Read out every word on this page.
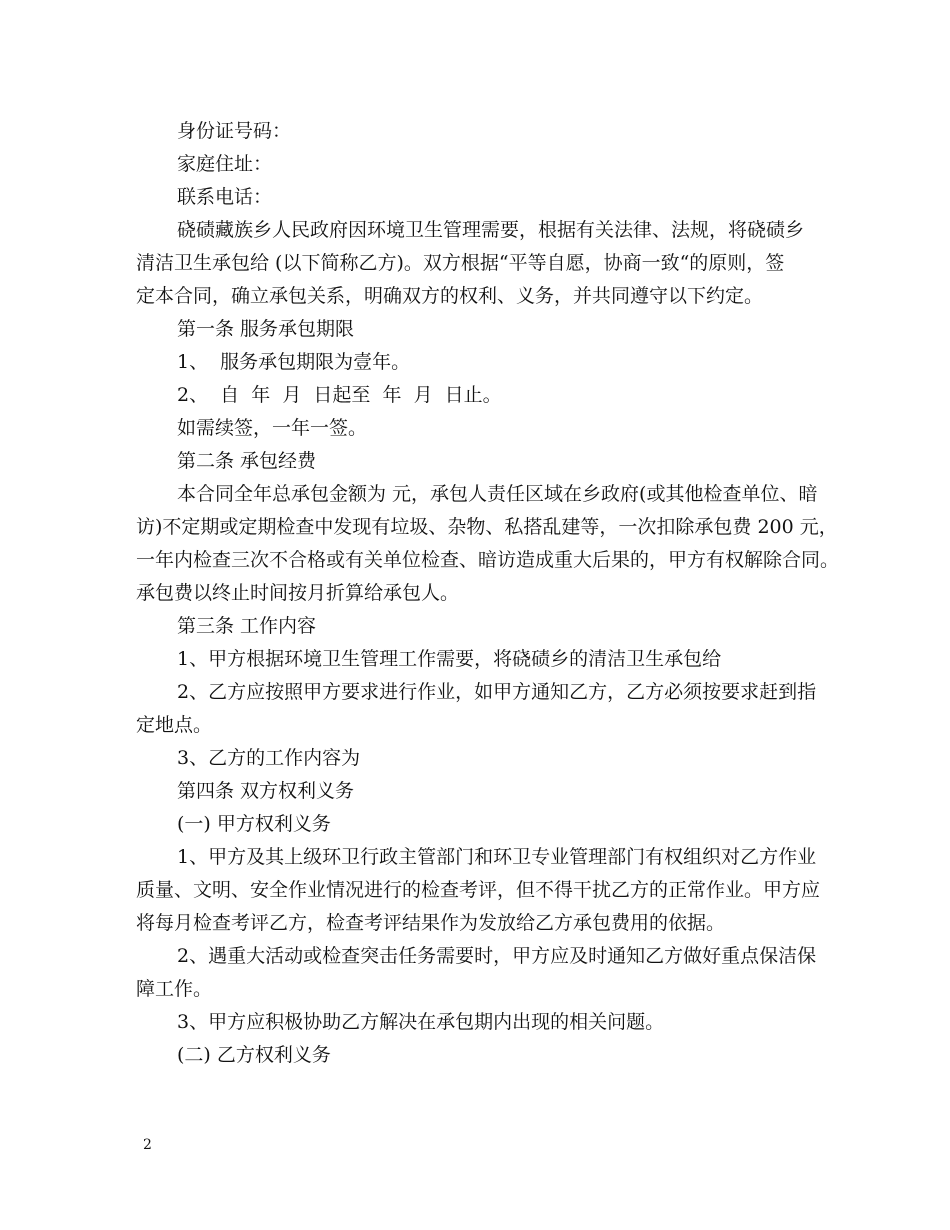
身份证号码：
家庭住址：
联系电话：
硗碛藏族乡人民政府因环境卫生管理需要，根据有关法律、法规，将硗碛乡
清洁卫生承包给 (以下简称乙方)。双方根据“平等自愿，协商一致“的原则，签
定本合同，确立承包关系，明确双方的权利、义务，并共同遵守以下约定。
第一条 服务承包期限
1、  服务承包期限为壹年。
2、  自  年  月  日起至  年  月  日止。
如需续签，一年一签。
第二条 承包经费
本合同全年总承包金额为 元，承包人责任区域在乡政府(或其他检查单位、暗
访)不定期或定期检查中发现有垃圾、杂物、私搭乱建等，一次扣除承包费 200 元，
一年内检查三次不合格或有关单位检查、暗访造成重大后果的，甲方有权解除合同。
承包费以终止时间按月折算给承包人。
第三条 工作内容
1、甲方根据环境卫生管理工作需要，将硗碛乡的清洁卫生承包给
2、乙方应按照甲方要求进行作业，如甲方通知乙方，乙方必须按要求赶到指
定地点。
3、乙方的工作内容为
第四条 双方权利义务
(一) 甲方权利义务
1、甲方及其上级环卫行政主管部门和环卫专业管理部门有权组织对乙方作业
质量、文明、安全作业情况进行的检查考评，但不得干扰乙方的正常作业。甲方应
将每月检查考评乙方，检查考评结果作为发放给乙方承包费用的依据。
2、遇重大活动或检查突击任务需要时，甲方应及时通知乙方做好重点保洁保
障工作。
3、甲方应积极协助乙方解决在承包期内出现的相关问题。
(二) 乙方权利义务
2
